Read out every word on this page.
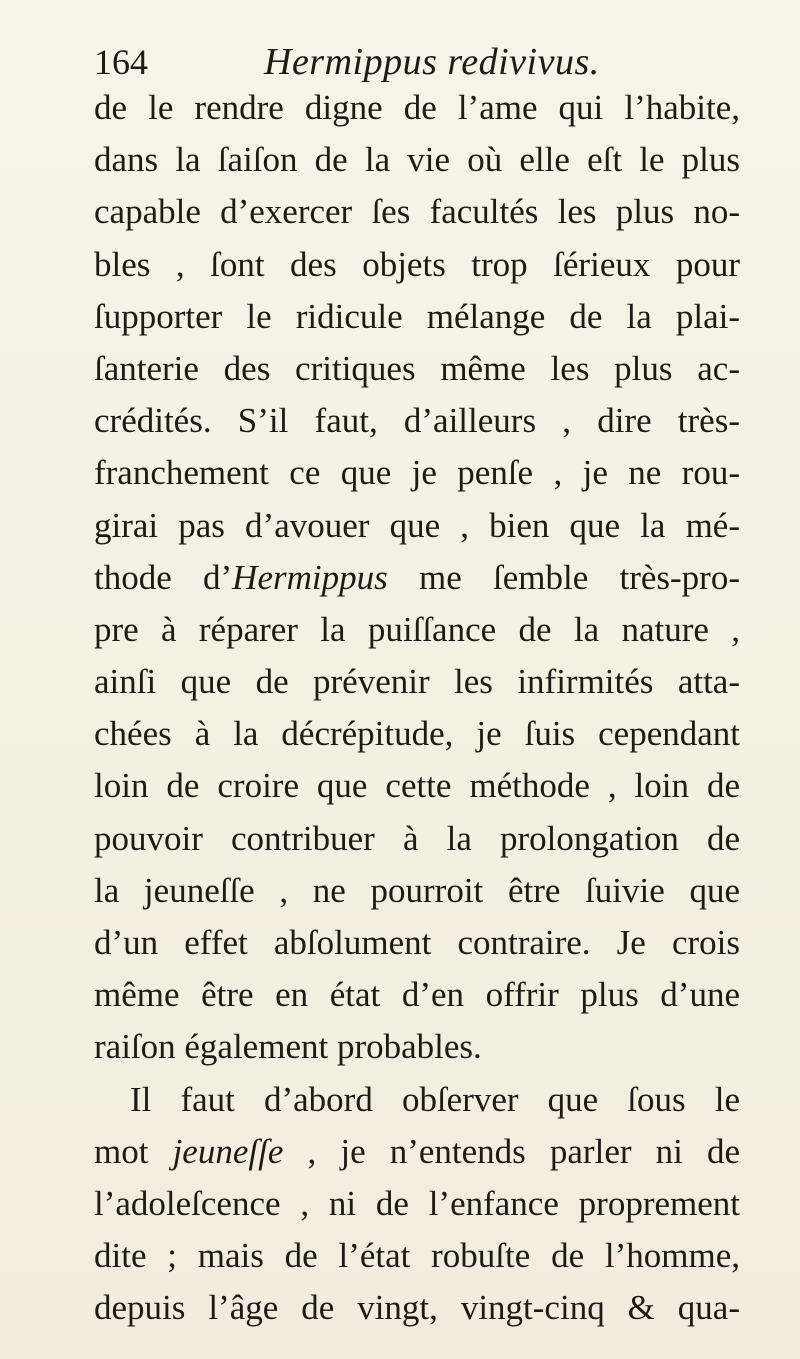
164	Hermippus redivivus.
de le rendre digne de l’ame qui l’habite,
dans la ſaiſon de la vie où elle eſt le plus
capable d’exercer ſes facultés les plus no-
bles , ſont des objets trop ſérieux pour
ſupporter le ridicule mélange de la plai-
ſanterie des critiques même les plus ac-
crédités. S’il faut, d’ailleurs , dire très-
franchement ce que je penſe , je ne rou-
girai pas d’avouer que , bien que la mé-
thode d’Hermippus me ſemble très-pro-
pre à réparer la puiſſance de la nature ,
ainſi que de prévenir les infirmités atta-
chées à la décrépitude, je ſuis cependant
loin de croire que cette méthode , loin de
pouvoir contribuer à la prolongation de
la jeuneſſe , ne pourroit être ſuivie que
d’un effet abſolument contraire. Je crois
même être en état d’en offrir plus d’une
raiſon également probables.
Il faut d’abord obſerver que ſous le
mot jeuneſſe , je n’entends parler ni de
l’adoleſcence , ni de l’enfance proprement
dite ; mais de l’état robuſte de l’homme,
depuis l’âge de vingt, vingt-cinq & qua-
